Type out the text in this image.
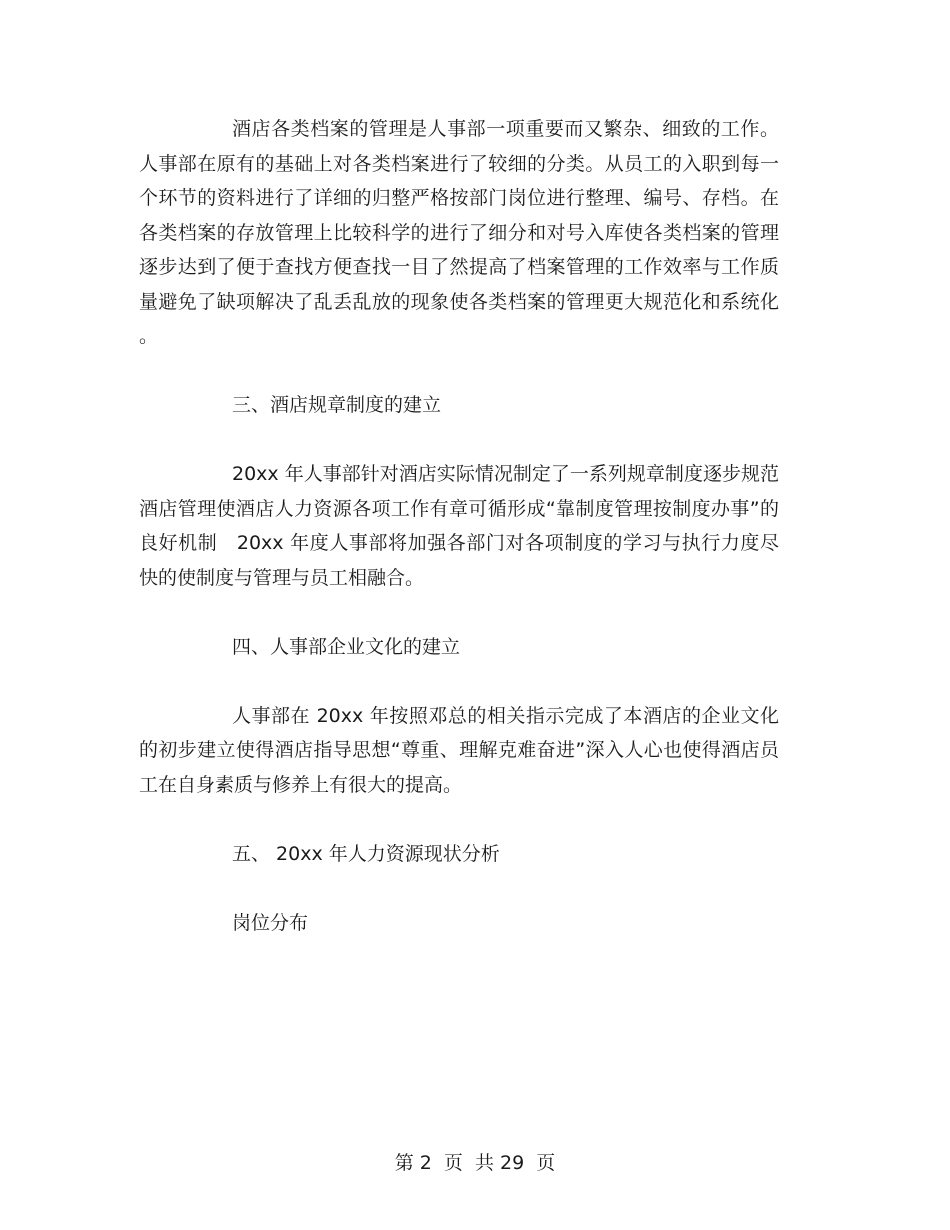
酒店各类档案的管理是人事部一项重要而又繁杂、细致的工作。人事部在原有的基础上对各类档案进行了较细的分类。从员工的入职到每一个环节的资料进行了详细的归整严格按部门岗位进行整理、编号、存档。在各类档案的存放管理上比较科学的进行了细分和对号入库使各类档案的管理逐步达到了便于查找方便查找一目了然提高了档案管理的工作效率与工作质量避免了缺项解决了乱丢乱放的现象使各类档案的管理更大规范化和系统化。

三、酒店规章制度的建立

20xx 年人事部针对酒店实际情况制定了一系列规章制度逐步规范酒店管理使酒店人力资源各项工作有章可循形成“靠制度管理按制度办事”的良好机制　20xx 年度人事部将加强各部门对各项制度的学习与执行力度尽快的使制度与管理与员工相融合。

四、人事部企业文化的建立

人事部在 20xx 年按照邓总的相关指示完成了本酒店的企业文化的初步建立使得酒店指导思想“尊重、理解克难奋进”深入人心也使得酒店员工在自身素质与修养上有很大的提高。

五、 20xx 年人力资源现状分析

岗位分布

第 2  页  共 29  页
